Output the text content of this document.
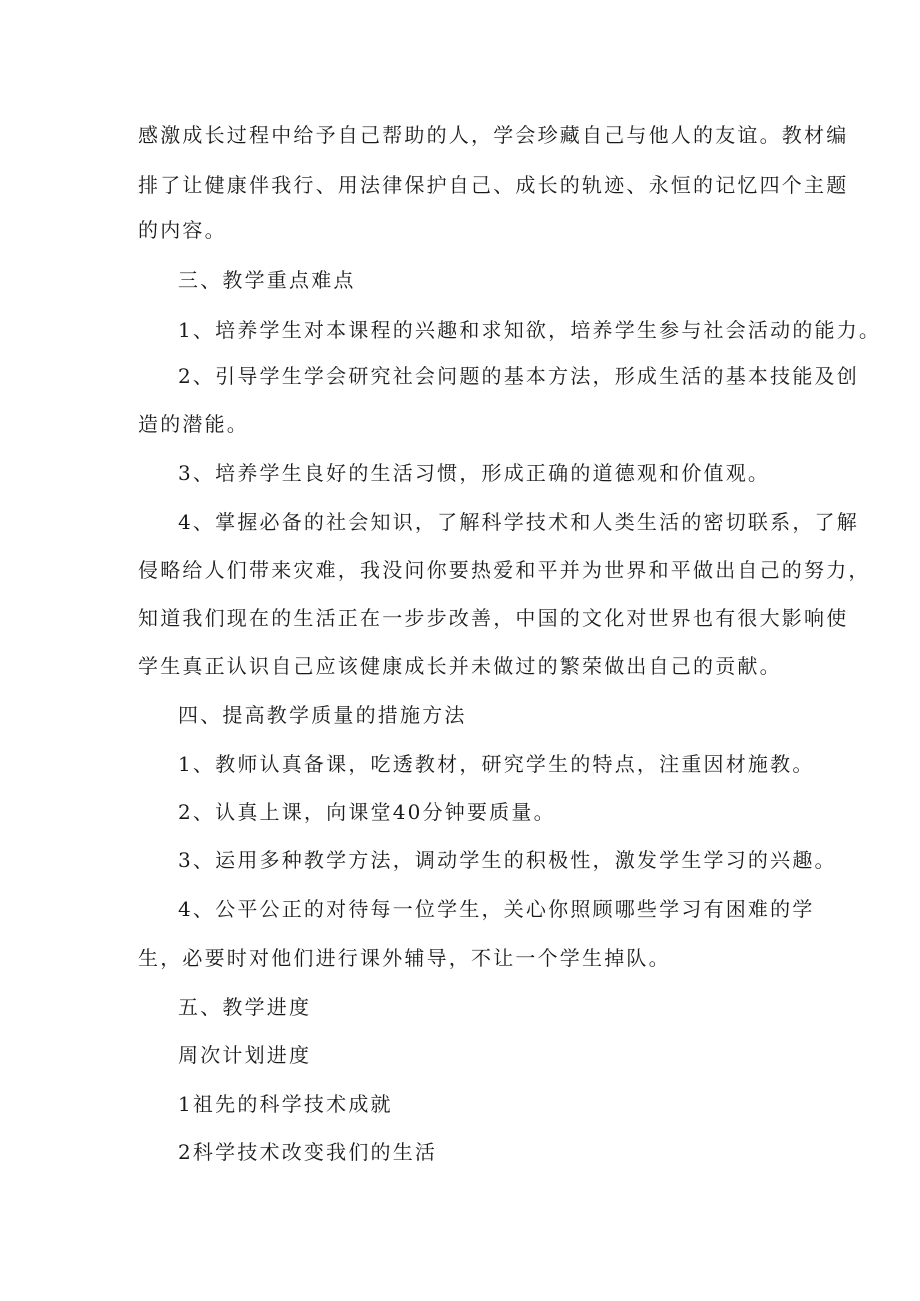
感激成长过程中给予自己帮助的人，学会珍藏自己与他人的友谊。教材编
排了让健康伴我行、用法律保护自己、成长的轨迹、永恒的记忆四个主题
的内容。
三、教学重点难点
1、培养学生对本课程的兴趣和求知欲，培养学生参与社会活动的能力。
2、引导学生学会研究社会问题的基本方法，形成生活的基本技能及创
造的潜能。
3、培养学生良好的生活习惯，形成正确的道德观和价值观。
4、掌握必备的社会知识，了解科学技术和人类生活的密切联系，了解
侵略给人们带来灾难，我没问你要热爱和平并为世界和平做出自己的努力，
知道我们现在的生活正在一步步改善，中国的文化对世界也有很大影响使
学生真正认识自己应该健康成长并未做过的繁荣做出自己的贡献。
四、提高教学质量的措施方法
1、教师认真备课，吃透教材，研究学生的特点，注重因材施教。
2、认真上课，向课堂40分钟要质量。
3、运用多种教学方法，调动学生的积极性，激发学生学习的兴趣。
4、公平公正的对待每一位学生，关心你照顾哪些学习有困难的学
生，必要时对他们进行课外辅导，不让一个学生掉队。
五、教学进度
周次计划进度
1祖先的科学技术成就
2科学技术改变我们的生活
